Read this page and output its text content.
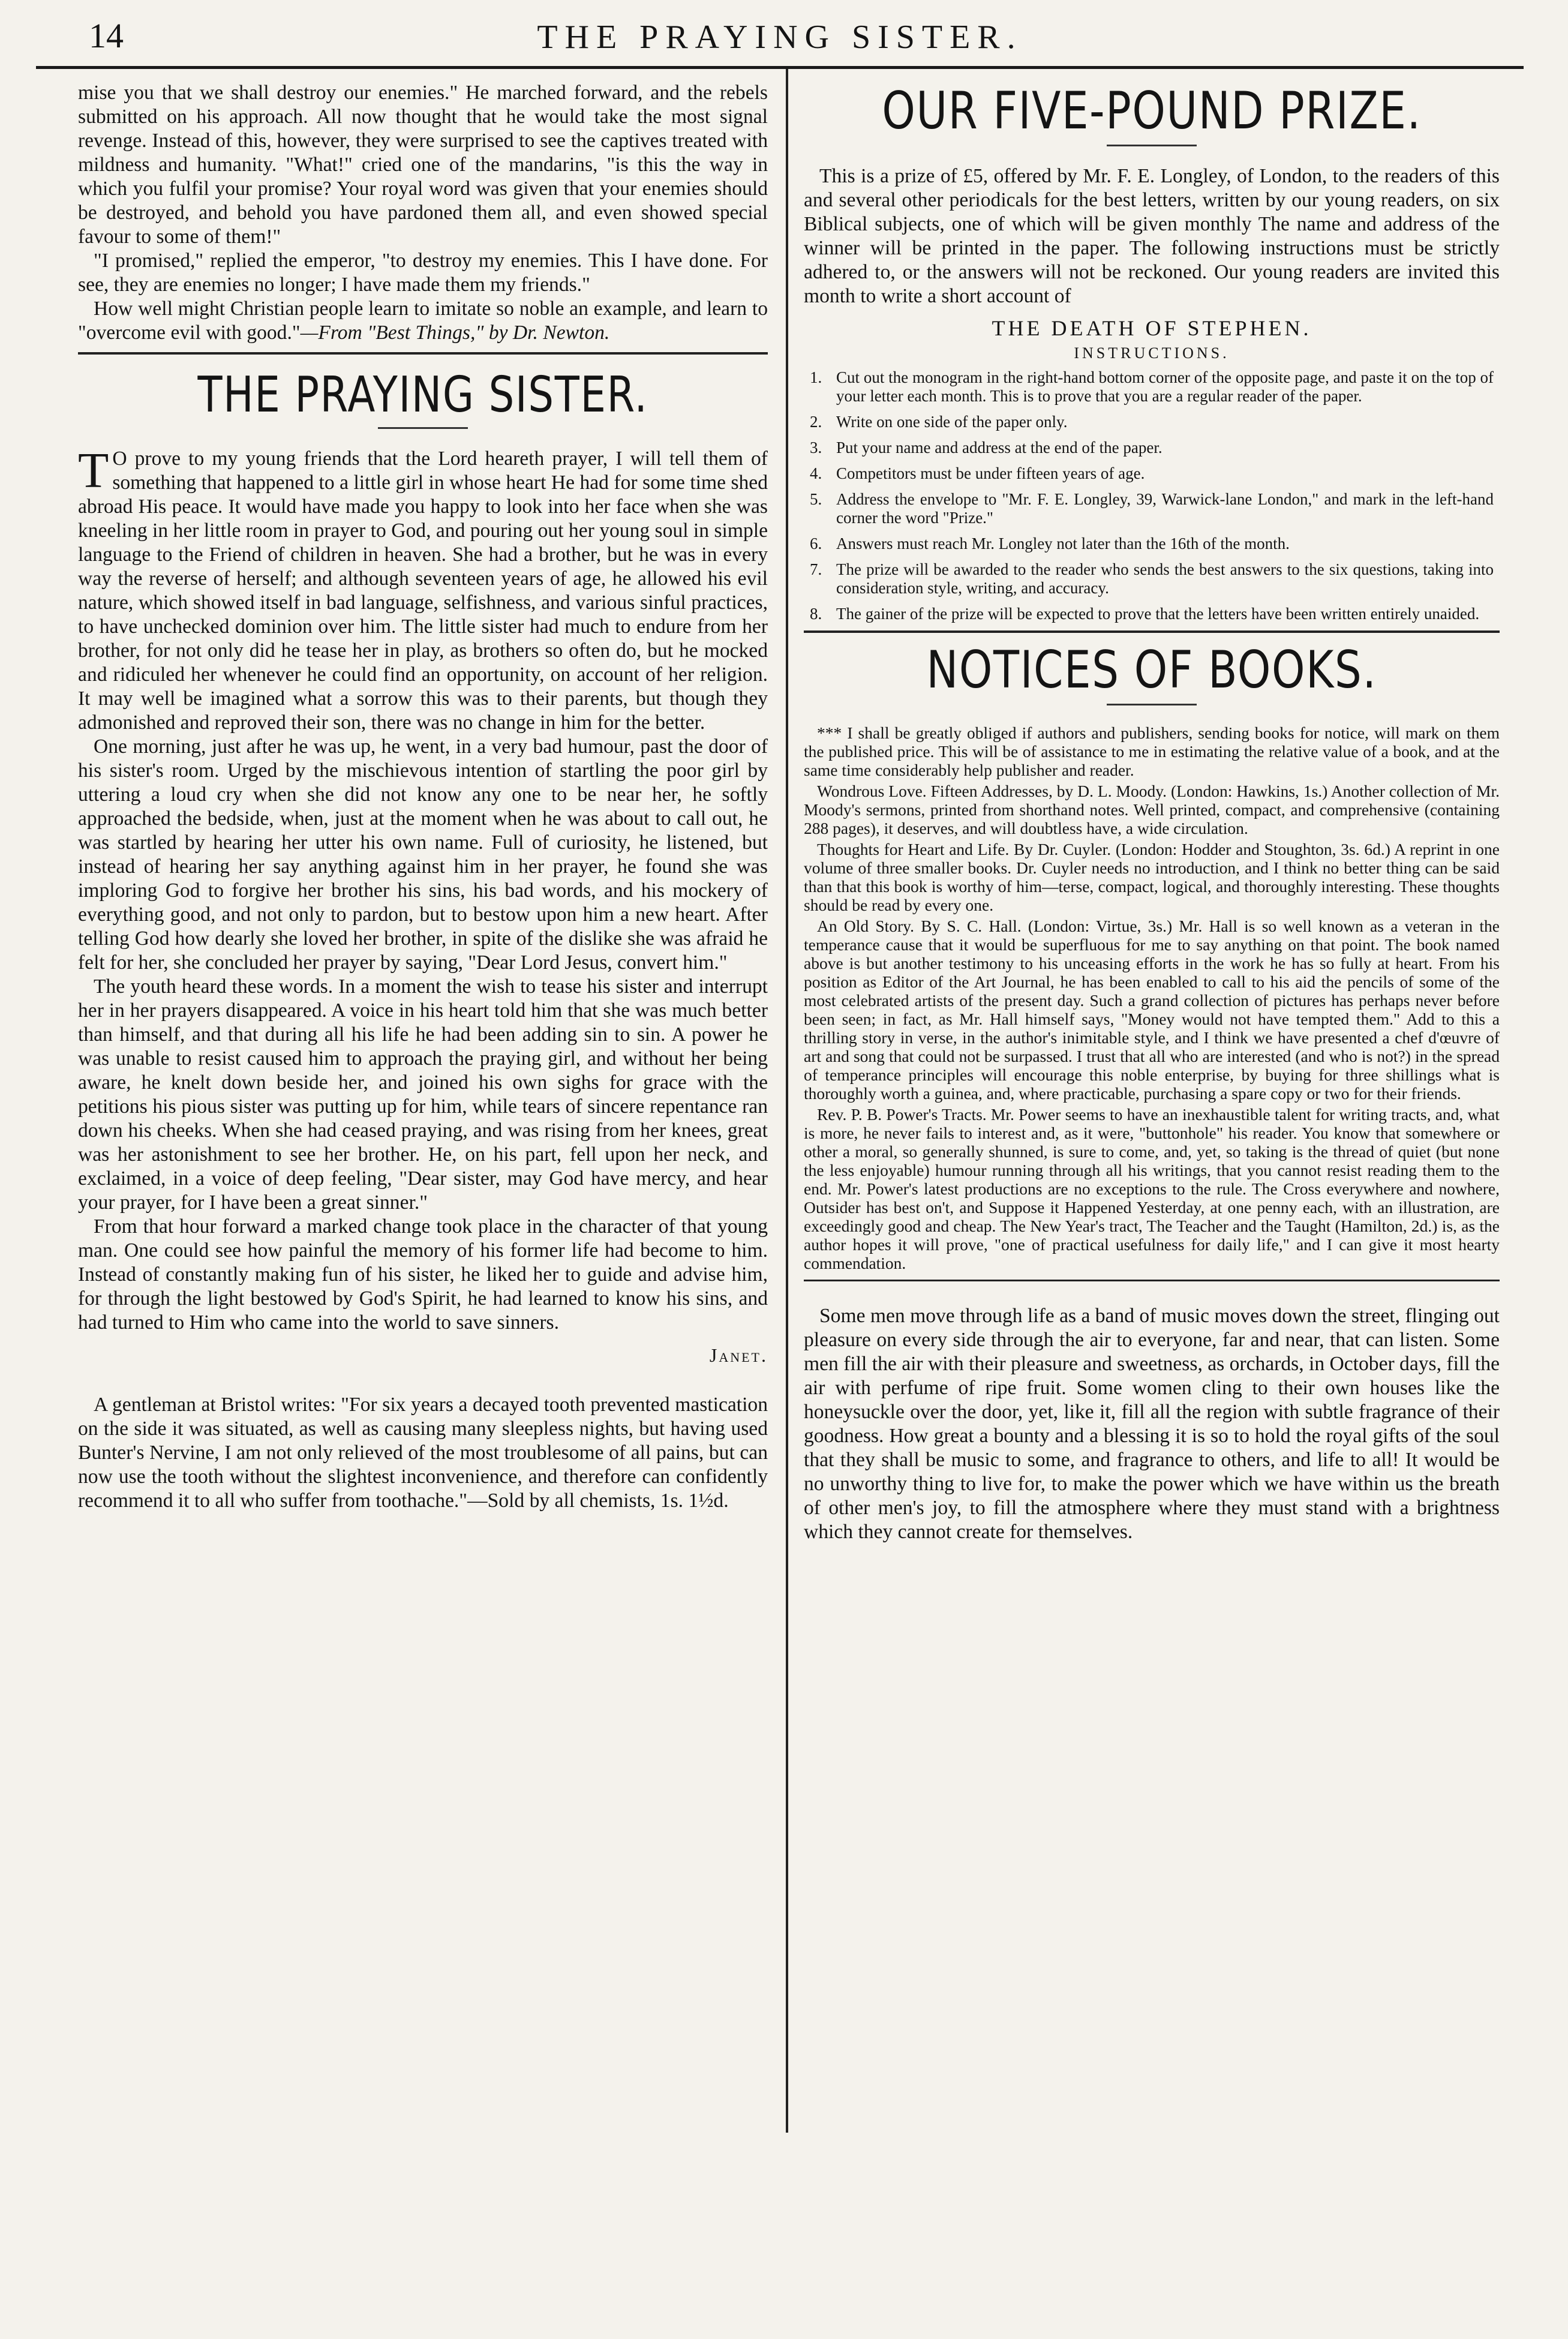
14	THE PRAYING SISTER.

mise you that we shall destroy our enemies." He marched forward, and the rebels submitted on his approach. All now thought that he would take the most signal revenge. Instead of this, however, they were surprised to see the captives treated with mildness and humanity. "What!" cried one of the mandarins, "is this the way in which you fulfil your promise? Your royal word was given that your enemies should be destroyed, and behold you have pardoned them all, and even showed special favour to some of them!"

"I promised," replied the emperor, "to destroy my enemies. This I have done. For see, they are enemies no longer; I have made them my friends."

How well might Christian people learn to imitate so noble an example, and learn to "overcome evil with good."—From "Best Things," by Dr. Newton.

THE PRAYING SISTER.

T O prove to my young friends that the Lord heareth prayer, I will tell them of something that happened to a little girl in whose heart He had for some time shed abroad His peace. It would have made you happy to look into her face when she was kneeling in her little room in prayer to God, and pouring out her young soul in simple language to the Friend of children in heaven. She had a brother, but he was in every way the reverse of herself; and although seventeen years of age, he allowed his evil nature, which showed itself in bad language, selfishness, and various sinful practices, to have unchecked dominion over him. The little sister had much to endure from her brother, for not only did he tease her in play, as brothers so often do, but he mocked and ridiculed her whenever he could find an opportunity, on account of her religion. It may well be imagined what a sorrow this was to their parents, but though they admonished and reproved their son, there was no change in him for the better.

One morning, just after he was up, he went, in a very bad humour, past the door of his sister's room. Urged by the mischievous intention of startling the poor girl by uttering a loud cry when she did not know any one to be near her, he softly approached the bedside, when, just at the moment when he was about to call out, he was startled by hearing her utter his own name. Full of curiosity, he listened, but instead of hearing her say anything against him in her prayer, he found she was imploring God to forgive her brother his sins, his bad words, and his mockery of everything good, and not only to pardon, but to bestow upon him a new heart. After telling God how dearly she loved her brother, in spite of the dislike she was afraid he felt for her, she concluded her prayer by saying, "Dear Lord Jesus, convert him."

The youth heard these words. In a moment the wish to tease his sister and interrupt her in her prayers disappeared. A voice in his heart told him that she was much better than himself, and that during all his life he had been adding sin to sin. A power he was unable to resist caused him to approach the praying girl, and without her being aware, he knelt down beside her, and joined his own sighs for grace with the petitions his pious sister was putting up for him, while tears of sincere repentance ran down his cheeks. When she had ceased praying, and was rising from her knees, great was her astonishment to see her brother. He, on his part, fell upon her neck, and exclaimed, in a voice of deep feeling, "Dear sister, may God have mercy, and hear your prayer, for I have been a great sinner."

From that hour forward a marked change took place in the character of that young man. One could see how painful the memory of his former life had become to him. Instead of constantly making fun of his sister, he liked her to guide and advise him, for through the light bestowed by God's Spirit, he had learned to know his sins, and had turned to Him who came into the world to save sinners.

Janet.

A gentleman at Bristol writes: "For six years a decayed tooth prevented mastication on the side it was situated, as well as causing many sleepless nights, but having used Bunter's Nervine, I am not only relieved of the most troublesome of all pains, but can now use the tooth without the slightest inconvenience, and therefore can confidently recommend it to all who suffer from toothache."—Sold by all chemists, 1s. 1½d.

OUR FIVE-POUND PRIZE.

This is a prize of £5, offered by Mr. F. E. Longley, of London, to the readers of this and several other periodicals for the best letters, written by our young readers, on six Biblical subjects, one of which will be given monthly The name and address of the winner will be printed in the paper. The following instructions must be strictly adhered to, or the answers will not be reckoned. Our young readers are invited this month to write a short account of

THE DEATH OF STEPHEN.
INSTRUCTIONS.
1. Cut out the monogram in the right-hand bottom corner of the opposite page, and paste it on the top of your letter each month. This is to prove that you are a regular reader of the paper.
2. Write on one side of the paper only.
3. Put your name and address at the end of the paper.
4. Competitors must be under fifteen years of age.
5. Address the envelope to "Mr. F. E. Longley, 39, Warwick-lane London," and mark in the left-hand corner the word "Prize."
6. Answers must reach Mr. Longley not later than the 16th of the month.
7. The prize will be awarded to the reader who sends the best answers to the six questions, taking into consideration style, writing, and accuracy.
8. The gainer of the prize will be expected to prove that the letters have been written entirely unaided.
NOTICES OF BOOKS.

*** I shall be greatly obliged if authors and publishers, sending books for notice, will mark on them the published price. This will be of assistance to me in estimating the relative value of a book, and at the same time considerably help publisher and reader.

Wondrous Love. Fifteen Addresses, by D. L. Moody. (London: Hawkins, 1s.) Another collection of Mr. Moody's sermons, printed from shorthand notes. Well printed, compact, and comprehensive (containing 288 pages), it deserves, and will doubtless have, a wide circulation.

Thoughts for Heart and Life. By Dr. Cuyler. (London: Hodder and Stoughton, 3s. 6d.) A reprint in one volume of three smaller books. Dr. Cuyler needs no introduction, and I think no better thing can be said than that this book is worthy of him—terse, compact, logical, and thoroughly interesting. These thoughts should be read by every one.

An Old Story. By S. C. Hall. (London: Virtue, 3s.) Mr. Hall is so well known as a veteran in the temperance cause that it would be superfluous for me to say anything on that point. The book named above is but another testimony to his unceasing efforts in the work he has so fully at heart. From his position as Editor of the Art Journal, he has been enabled to call to his aid the pencils of some of the most celebrated artists of the present day. Such a grand collection of pictures has perhaps never before been seen; in fact, as Mr. Hall himself says, "Money would not have tempted them." Add to this a thrilling story in verse, in the author's inimitable style, and I think we have presented a chef d'œuvre of art and song that could not be surpassed. I trust that all who are interested (and who is not?) in the spread of temperance principles will encourage this noble enterprise, by buying for three shillings what is thoroughly worth a guinea, and, where practicable, purchasing a spare copy or two for their friends.

Rev. P. B. Power's Tracts. Mr. Power seems to have an inexhaustible talent for writing tracts, and, what is more, he never fails to interest and, as it were, "buttonhole" his reader. You know that somewhere or other a moral, so generally shunned, is sure to come, and, yet, so taking is the thread of quiet (but none the less enjoyable) humour running through all his writings, that you cannot resist reading them to the end. Mr. Power's latest productions are no exceptions to the rule. The Cross everywhere and nowhere, Outsider has best on't, and Suppose it Happened Yesterday, at one penny each, with an illustration, are exceedingly good and cheap. The New Year's tract, The Teacher and the Taught (Hamilton, 2d.) is, as the author hopes it will prove, "one of practical usefulness for daily life," and I can give it most hearty commendation.

Some men move through life as a band of music moves down the street, flinging out pleasure on every side through the air to everyone, far and near, that can listen. Some men fill the air with their pleasure and sweetness, as orchards, in October days, fill the air with perfume of ripe fruit. Some women cling to their own houses like the honeysuckle over the door, yet, like it, fill all the region with subtle fragrance of their goodness. How great a bounty and a blessing it is so to hold the royal gifts of the soul that they shall be music to some, and fragrance to others, and life to all! It would be no unworthy thing to live for, to make the power which we have within us the breath of other men's joy, to fill the atmosphere where they must stand with a brightness which they cannot create for themselves.
